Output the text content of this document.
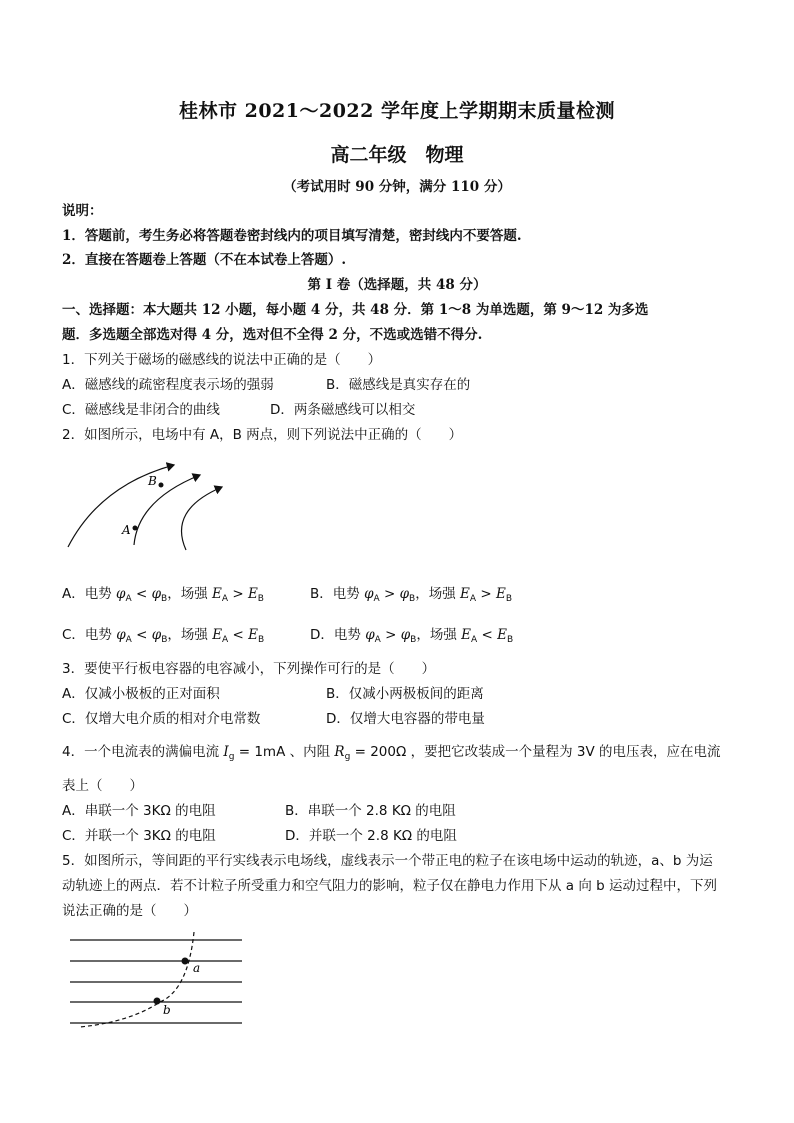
桂林市 2021～2022 学年度上学期期末质量检测
高二年级　物理
（考试用时 90 分钟，满分 110 分）
说明：
1．答题前，考生务必将答题卷密封线内的项目填写清楚，密封线内不要答题.
2．直接在答题卷上答题（不在本试卷上答题）.
第 I 卷（选择题，共 48 分）
一、选择题：本大题共 12 小题，每小题 4 分，共 48 分．第 1～8 为单选题，第 9～12 为多选
题．多选题全部选对得 4 分，选对但不全得 2 分，不选或选错不得分.
1．下列关于磁场的磁感线的说法中正确的是（　　）
A．磁感线的疏密程度表示场的强弱	B．磁感线是真实存在的
C．磁感线是非闭合的曲线	D．两条磁感线可以相交
2．如图所示，电场中有 A，B 两点，则下列说法中正确的（　　）
A
B
A．电势 $\varphi_A < \varphi_B$，场强 $E_A > E_B$	B．电势 $\varphi_A > \varphi_B$，场强 $E_A > E_B$
C．电势 $\varphi_A < \varphi_B$，场强 $E_A < E_B$	D．电势 $\varphi_A > \varphi_B$，场强 $E_A < E_B$
3．要使平行板电容器的电容减小，下列操作可行的是（　　）
A．仅减小极板的正对面积	B．仅减小两极板间的距离
C．仅增大电介质的相对介电常数	D．仅增大电容器的带电量
4．一个电流表的满偏电流 $I_g = 1mA$ 、内阻 $R_g = 200\Omega$ ，要把它改装成一个量程为 3V 的电压表，应在电流
表上（　　）
A．串联一个 3KΩ 的电阻	B．串联一个 2.8 KΩ 的电阻
C．并联一个 3KΩ 的电阻	D．并联一个 2.8 KΩ 的电阻
5．如图所示，等间距的平行实线表示电场线，虚线表示一个带正电的粒子在该电场中运动的轨迹，a、b 为运
动轨迹上的两点．若不计粒子所受重力和空气阻力的影响，粒子仅在静电力作用下从 a 向 b 运动过程中，下列
说法正确的是（　　）
a
b
